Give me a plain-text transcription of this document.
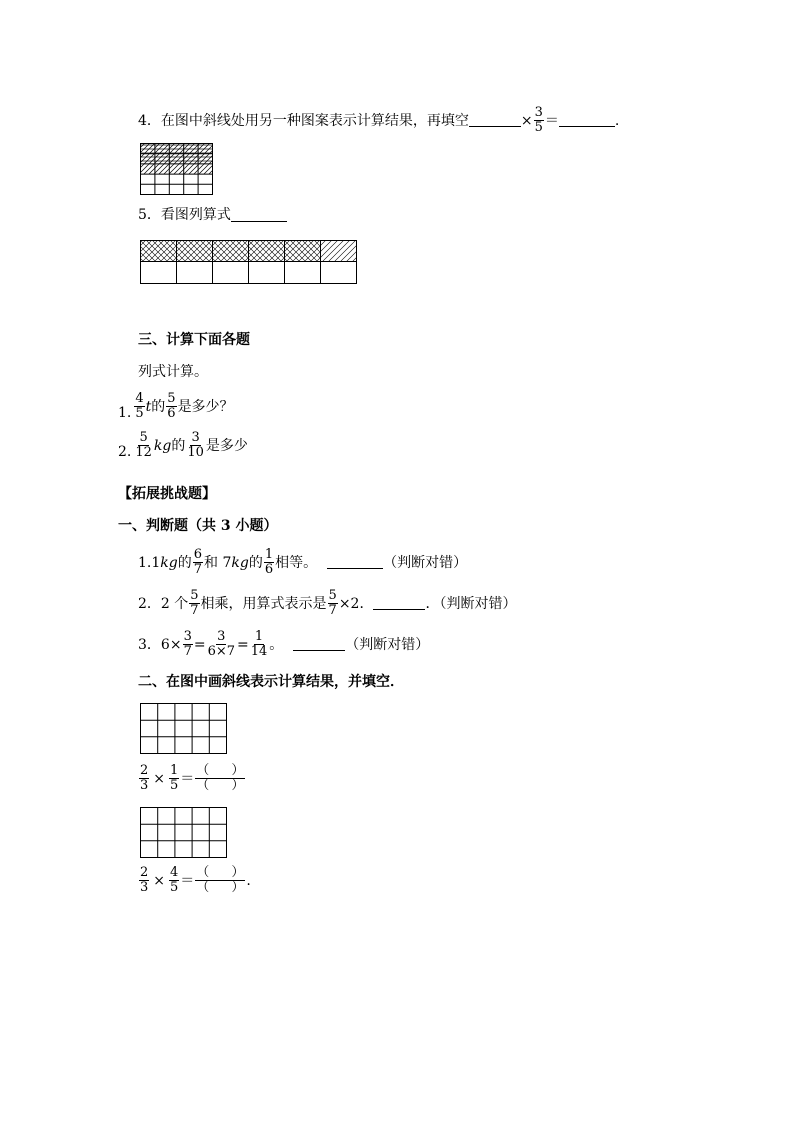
4．在图中斜线处用另一种图案表示计算结果，再填空	× $\frac{3}{5}$ ＝	.
5．看图列算式
三、计算下面各题
列式计算。
1. $\frac{4}{5}$ t 的 $\frac{5}{6}$ 是多少？
2. $\frac{5}{12}$ kg 的 $\frac{3}{10}$ 是多少
【拓展挑战题】
一、判断题（共 3 小题）
1.1 kg 的 $\frac{6}{7}$ 和 7 kg 的 $\frac{1}{6}$ 相等。	（判断对错）
2．2 个 $\frac{5}{7}$ 相乘，用算式表示是 $\frac{5}{7} \times 2$．	．（判断对错）
3． $6\times \frac{3}{7} = \frac{3}{6\times 7} = \frac{1}{14}$ 。	（判断对错）
二、在图中画斜线表示计算结果，并填空．
$\frac{2}{3} \times \frac{1}{5} = \frac{( )}{( )}$
$\frac{2}{3} \times \frac{4}{5} = \frac{( )}{( )}$ .
